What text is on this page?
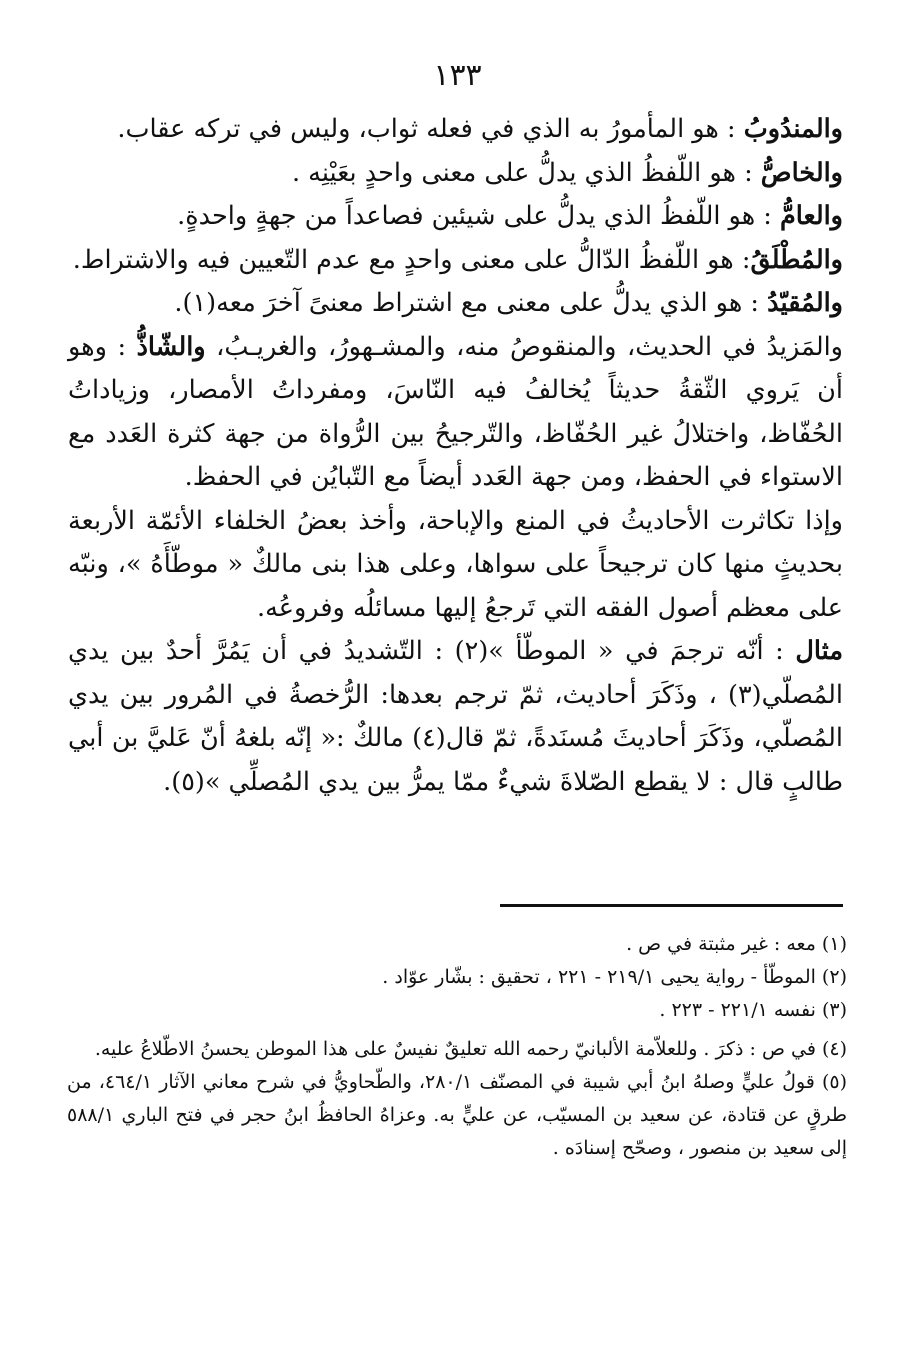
١٣٣

والمندُوبُ : هو المأمورُ به الذي في فعله ثواب، وليس في تركه عقاب.

والخاصُّ : هو اللّفظُ الذي يدلُّ على معنى واحدٍ بعَيْنِه .

والعامُّ : هو اللّفظُ الذي يدلُّ على شيئين فصاعداً من جهةٍ واحدةٍ.

والمُطْلَقُ: هو اللّفظُ الدّالُّ على معنى واحدٍ مع عدم التّعيين فيه والاشتراط.

والمُقيّدُ : هو الذي يدلُّ على معنى مع اشتراط معنىً آخرَ معه(١).

والمَزيدُ في الحديث، والمنقوصُ منه، والمشـهورُ، والغريـبُ، والشّاذُّ : وهو أن يَروي الثّقةُ حديثاً يُخالفُ فيه النّاسَ، ومفرداتُ الأمصار، وزياداتُ الحُفّاظ، واختلالُ غير الحُفّاظ، والتّرجيحُ بين الرُّواة من جهة كثرة العَدد مع الاستواء في الحفظ، ومن جهة العَدد أيضاً مع التّبايُن في الحفظ.

وإذا تكاثرت الأحاديثُ في المنع والإباحة، وأخذ بعضُ الخلفاء الأئمّة الأربعة بحديثٍ منها كان ترجيحاً على سواها، وعلى هذا بنى مالكٌ « موطّأَهُ »، ونبّه على معظم أصول الفقه التي تَرجعُ إليها مسائلُه وفروعُه.

مثال : أنّه ترجمَ في « الموطّأ »(٢) : التّشديدُ في أن يَمُرَّ أحدٌ بين يدي المُصلّي(٣) ، وذَكَرَ أحاديث، ثمّ ترجم بعدها: الرُّخصةُ في المُرور بين يدي المُصلّي، وذَكَرَ أحاديثَ مُسنَدةً، ثمّ قال(٤) مالكٌ :« إنّه بلغهُ أنّ عَليَّ بن أبي طالبٍ قال : لا يقطع الصّلاةَ شيءٌ ممّا يمرُّ بين يدي المُصلِّي »(٥).

(١) معه : غير مثبتة في ص .

(٢) الموطّأ - رواية يحيى ٢١٩/١ - ٢٢١ ، تحقيق : بشّار عوّاد .

(٣) نفسه ٢٢١/١ - ٢٢٣ .

(٤) في ص : ذكرَ . وللعلاّمة الألبانيّ رحمه الله تعليقٌ نفيسٌ على هذا الموطن يحسنُ الاطّلاعُ عليه.

(٥) قولُ عليٍّ وصلهُ ابنُ أبي شيبة في المصنّف ٢٨٠/١، والطّحاويُّ في شرح معاني الآثار ٤٦٤/١، من طرقٍ عن قتادة، عن سعيد بن المسيّب، عن عليٍّ به. وعزاهُ الحافظُ ابنُ حجر في فتح الباري ٥٨٨/١ إلى سعيد بن منصور ، وصحّح إسنادَه .
